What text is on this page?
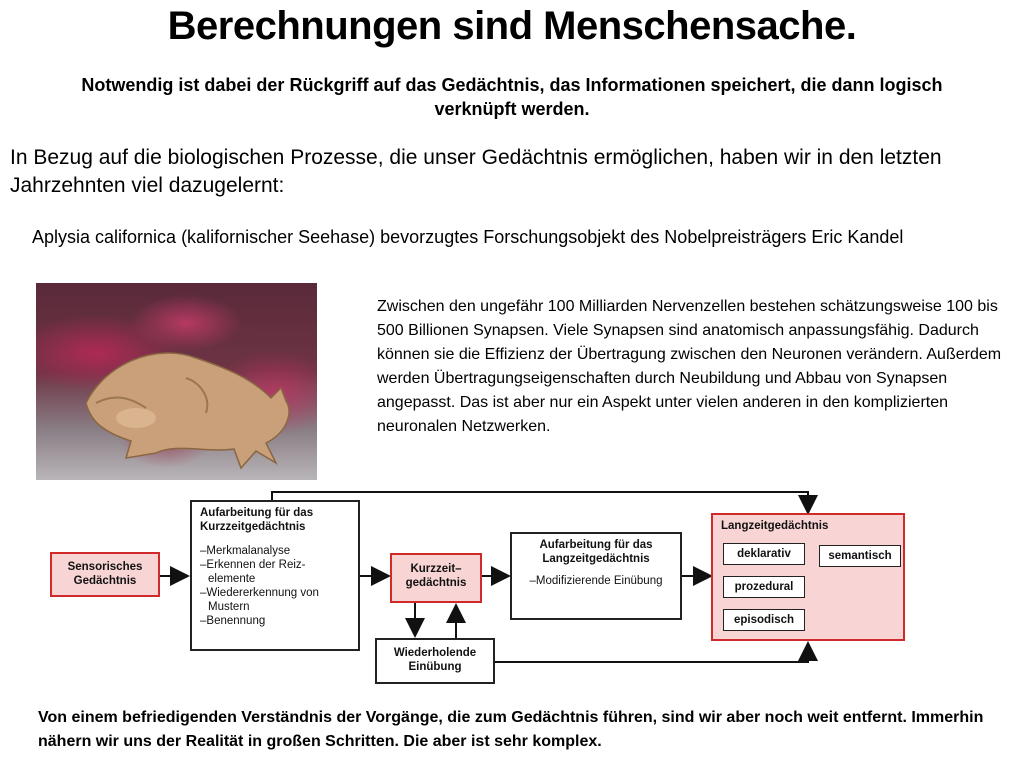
Berechnungen sind Menschensache.
Notwendig ist dabei der Rückgriff auf das Gedächtnis, das Informationen speichert, die dann logisch verknüpft werden.
In Bezug auf die biologischen Prozesse, die unser Gedächtnis ermöglichen, haben wir in den letzten Jahrzehnten viel dazugelernt:
Aplysia californica (kalifornischer Seehase) bevorzugtes Forschungsobjekt des Nobelpreisträgers Eric Kandel
Zwischen den ungefähr 100 Milliarden Nervenzellen bestehen schätzungsweise 100 bis 500 Billionen Synapsen. Viele Synapsen sind anatomisch anpassungsfähig. Dadurch können sie die Effizienz der Übertragung zwischen den Neuronen verändern. Außerdem werden Übertragungseigenschaften durch Neubildung und Abbau von Synapsen angepasst. Das ist aber nur ein Aspekt unter vielen anderen in den komplizierten neuronalen Netzwerken.
Sensorisches Gedächtnis
Aufarbeitung für das Kurzzeitgedächtnis
–Merkmalanalyse
–Erkennen der Reiz-
elemente
–Wiedererkennung von
Mustern
–Benennung
Kurzzeit– gedächtnis
Aufarbeitung für das Langzeitgedächtnis
–Modifizierende Einübung
Wiederholende Einübung
Langzeitgedächtnis
deklarativ	semantisch
prozedural
episodisch
Von einem befriedigenden Verständnis der Vorgänge, die zum Gedächtnis führen, sind wir aber noch weit entfernt. Immerhin nähern wir uns der Realität in großen Schritten. Die aber ist sehr komplex.
